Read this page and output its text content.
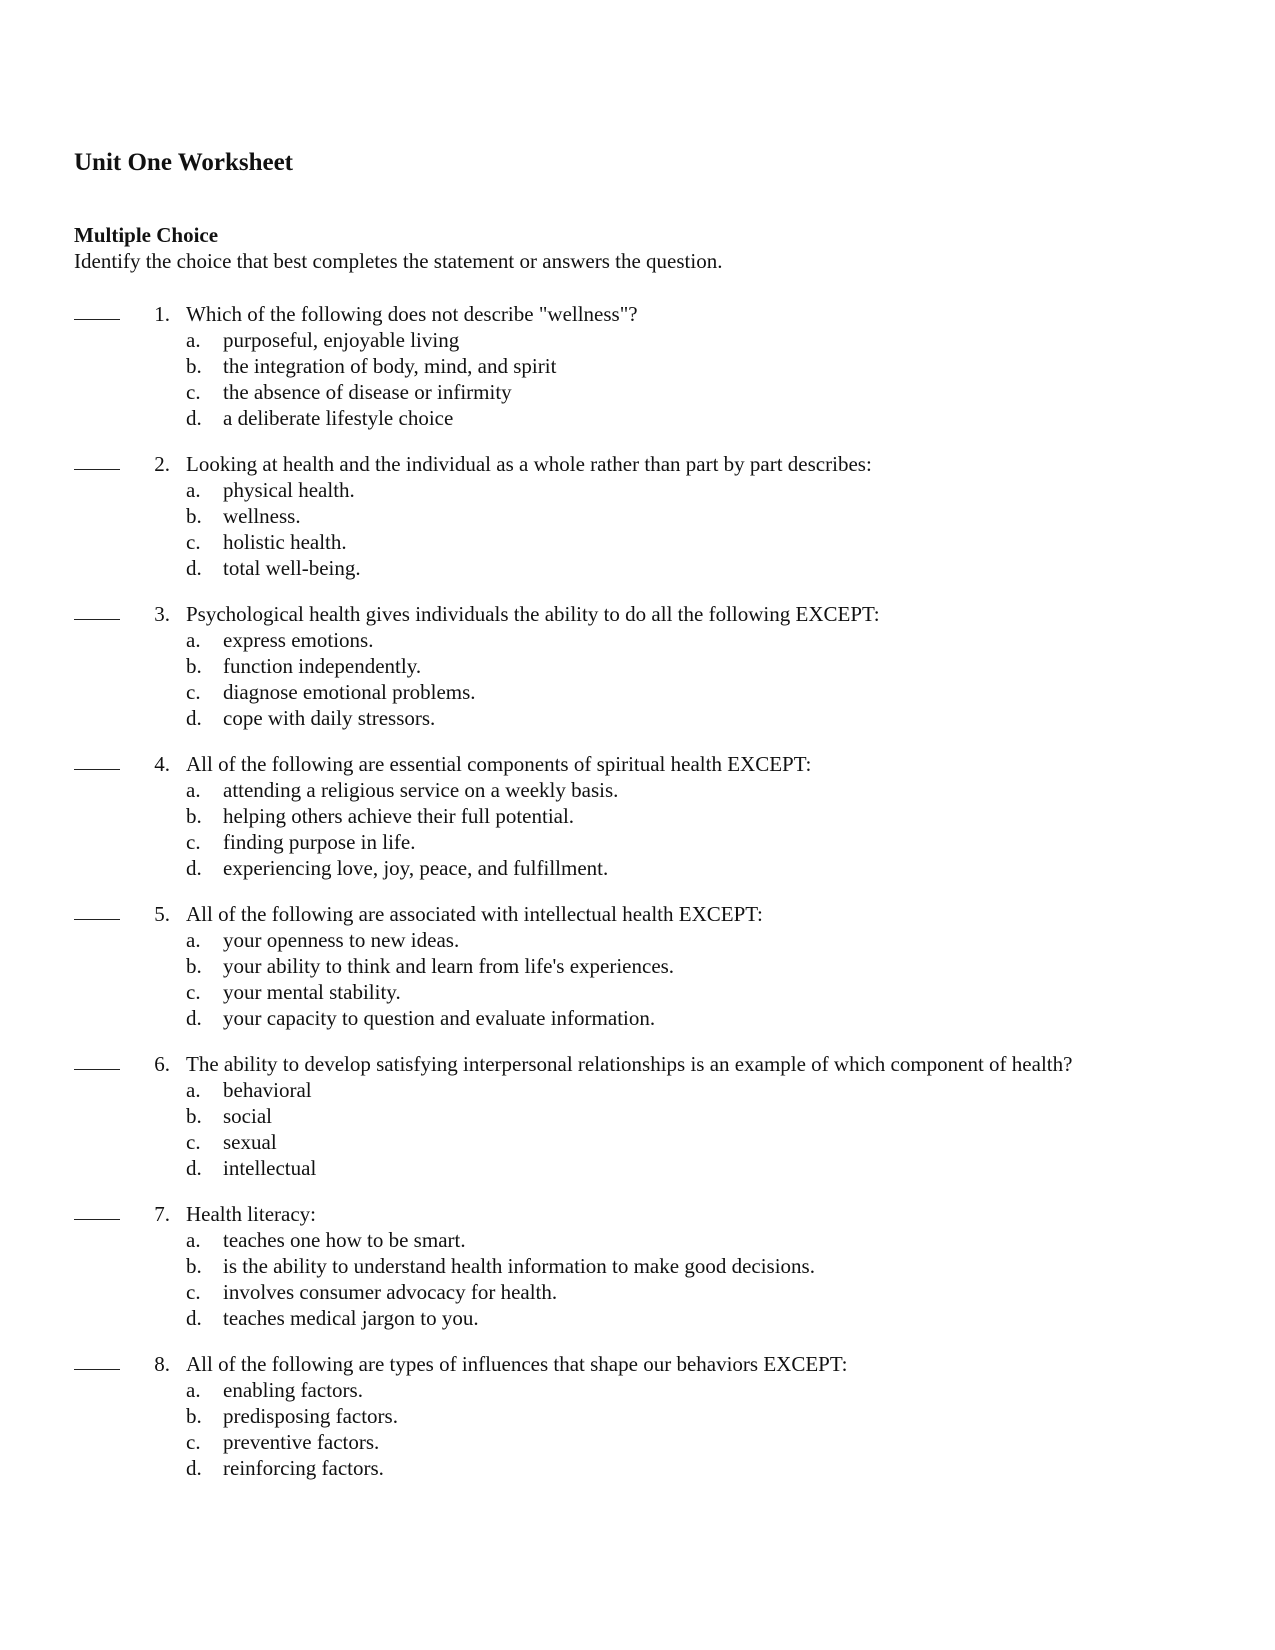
Unit One Worksheet
Multiple Choice

Identify the choice that best completes the statement or answers the question.

1. Which of the following does not describe "wellness"?
a.	purposeful, enjoyable living
b.	the integration of body, mind, and spirit
c.	the absence of disease or infirmity
d.	a deliberate lifestyle choice
2. Looking at health and the individual as a whole rather than part by part describes:
a.	physical health.
b.	wellness.
c.	holistic health.
d.	total well-being.
3. Psychological health gives individuals the ability to do all the following EXCEPT:
a.	express emotions.
b.	function independently.
c.	diagnose emotional problems.
d.	cope with daily stressors.
4. All of the following are essential components of spiritual health EXCEPT:
a.	attending a religious service on a weekly basis.
b.	helping others achieve their full potential.
c.	finding purpose in life.
d.	experiencing love, joy, peace, and fulfillment.
5. All of the following are associated with intellectual health EXCEPT:
a.	your openness to new ideas.
b.	your ability to think and learn from life's experiences.
c.	your mental stability.
d.	your capacity to question and evaluate information.
6. The ability to develop satisfying interpersonal relationships is an example of which component of health?
a.	behavioral
b.	social
c.	sexual
d.	intellectual
7. Health literacy:
a.	teaches one how to be smart.
b.	is the ability to understand health information to make good decisions.
c.	involves consumer advocacy for health.
d.	teaches medical jargon to you.
8. All of the following are types of influences that shape our behaviors EXCEPT:
a.	enabling factors.
b.	predisposing factors.
c.	preventive factors.
d.	reinforcing factors.
